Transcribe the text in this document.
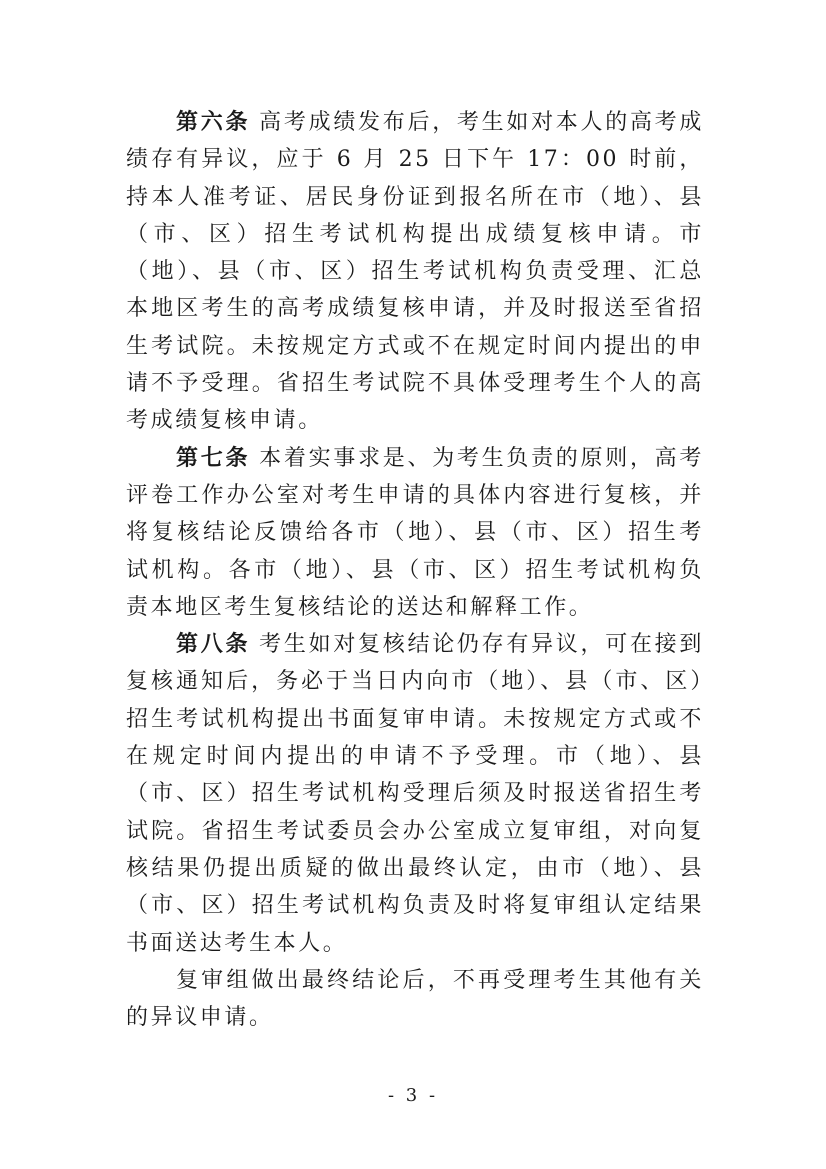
第六条 高考成绩发布后，考生如对本人的高考成绩存有异议，应于 6 月 25 日下午 17：00 时前，持本人准考证、居民身份证到报名所在市（地）、县（市、区）招生考试机构提出成绩复核申请。市（地）、县（市、区）招生考试机构负责受理、汇总本地区考生的高考成绩复核申请，并及时报送至省招生考试院。未按规定方式或不在规定时间内提出的申请不予受理。省招生考试院不具体受理考生个人的高考成绩复核申请。

第七条 本着实事求是、为考生负责的原则，高考评卷工作办公室对考生申请的具体内容进行复核，并将复核结论反馈给各市（地）、县（市、区）招生考试机构。各市（地）、县（市、区）招生考试机构负责本地区考生复核结论的送达和解释工作。

第八条 考生如对复核结论仍存有异议，可在接到复核通知后，务必于当日内向市（地）、县（市、区）招生考试机构提出书面复审申请。未按规定方式或不在规定时间内提出的申请不予受理。市（地）、县（市、区）招生考试机构受理后须及时报送省招生考试院。省招生考试委员会办公室成立复审组，对向复核结果仍提出质疑的做出最终认定，由市（地）、县（市、区）招生考试机构负责及时将复审组认定结果书面送达考生本人。

复审组做出最终结论后，不再受理考生其他有关的异议申请。

- 3 -
